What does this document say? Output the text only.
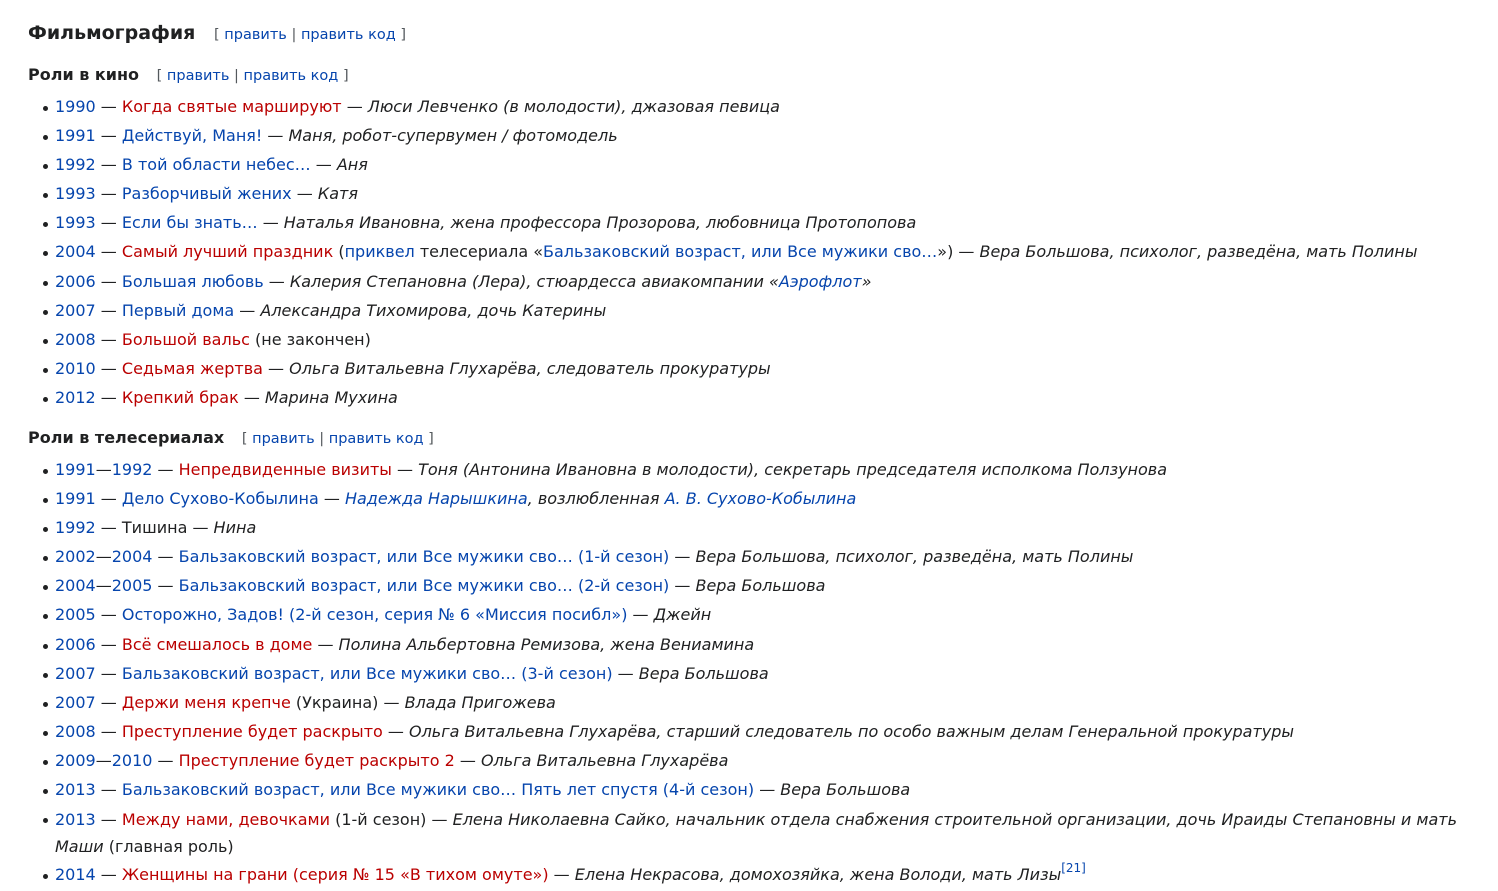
Фильмография [ править | править код ]
Роли в кино [ править | править код ]
1990 — Когда святые маршируют — Люси Левченко (в молодости), джазовая певица
1991 — Действуй, Маня! — Маня, робот-супервумен / фотомодель
1992 — В той области небес… — Аня
1993 — Разборчивый жених — Катя
1993 — Если бы знать… — Наталья Ивановна, жена профессора Прозорова, любовница Протопопова
2004 — Самый лучший праздник (приквел телесериала «Бальзаковский возраст, или Все мужики сво…») — Вера Большова, психолог, разведёна, мать Полины
2006 — Большая любовь — Калерия Степановна (Лера), стюардесса авиакомпании «Аэрофлот»
2007 — Первый дома — Александра Тихомирова, дочь Катерины
2008 — Большой вальс (не закончен)
2010 — Седьмая жертва — Ольга Витальевна Глухарёва, следователь прокуратуры
2012 — Крепкий брак — Марина Мухина
Роли в телесериалах [ править | править код ]
1991—1992 — Непредвиденные визиты — Тоня (Антонина Ивановна в молодости), секретарь председателя исполкома Ползунова
1991 — Дело Сухово-Кобылина — Надежда Нарышкина, возлюбленная А. В. Сухово-Кобылина
1992 — Тишина — Нина
2002—2004 — Бальзаковский возраст, или Все мужики сво… (1-й сезон) — Вера Большова, психолог, разведёна, мать Полины
2004—2005 — Бальзаковский возраст, или Все мужики сво… (2-й сезон) — Вера Большова
2005 — Осторожно, Задов! (2-й сезон, серия № 6 «Миссия посибл») — Джейн
2006 — Всё смешалось в доме — Полина Альбертовна Ремизова, жена Вениамина
2007 — Бальзаковский возраст, или Все мужики сво… (3-й сезон) — Вера Большова
2007 — Держи меня крепче (Украина) — Влада Пригожева
2008 — Преступление будет раскрыто — Ольга Витальевна Глухарёва, старший следователь по особо важным делам Генеральной прокуратуры
2009—2010 — Преступление будет раскрыто 2 — Ольга Витальевна Глухарёва
2013 — Бальзаковский возраст, или Все мужики сво… Пять лет спустя (4-й сезон) — Вера Большова
2013 — Между нами, девочками (1-й сезон) — Елена Николаевна Сайко, начальник отдела снабжения строительной организации, дочь Ираиды Степановны и мать Маши (главная роль)
2014 — Женщины на грани (серия № 15 «В тихом омуте») — Елена Некрасова, домохозяйка, жена Володи, мать Лизы[21]
